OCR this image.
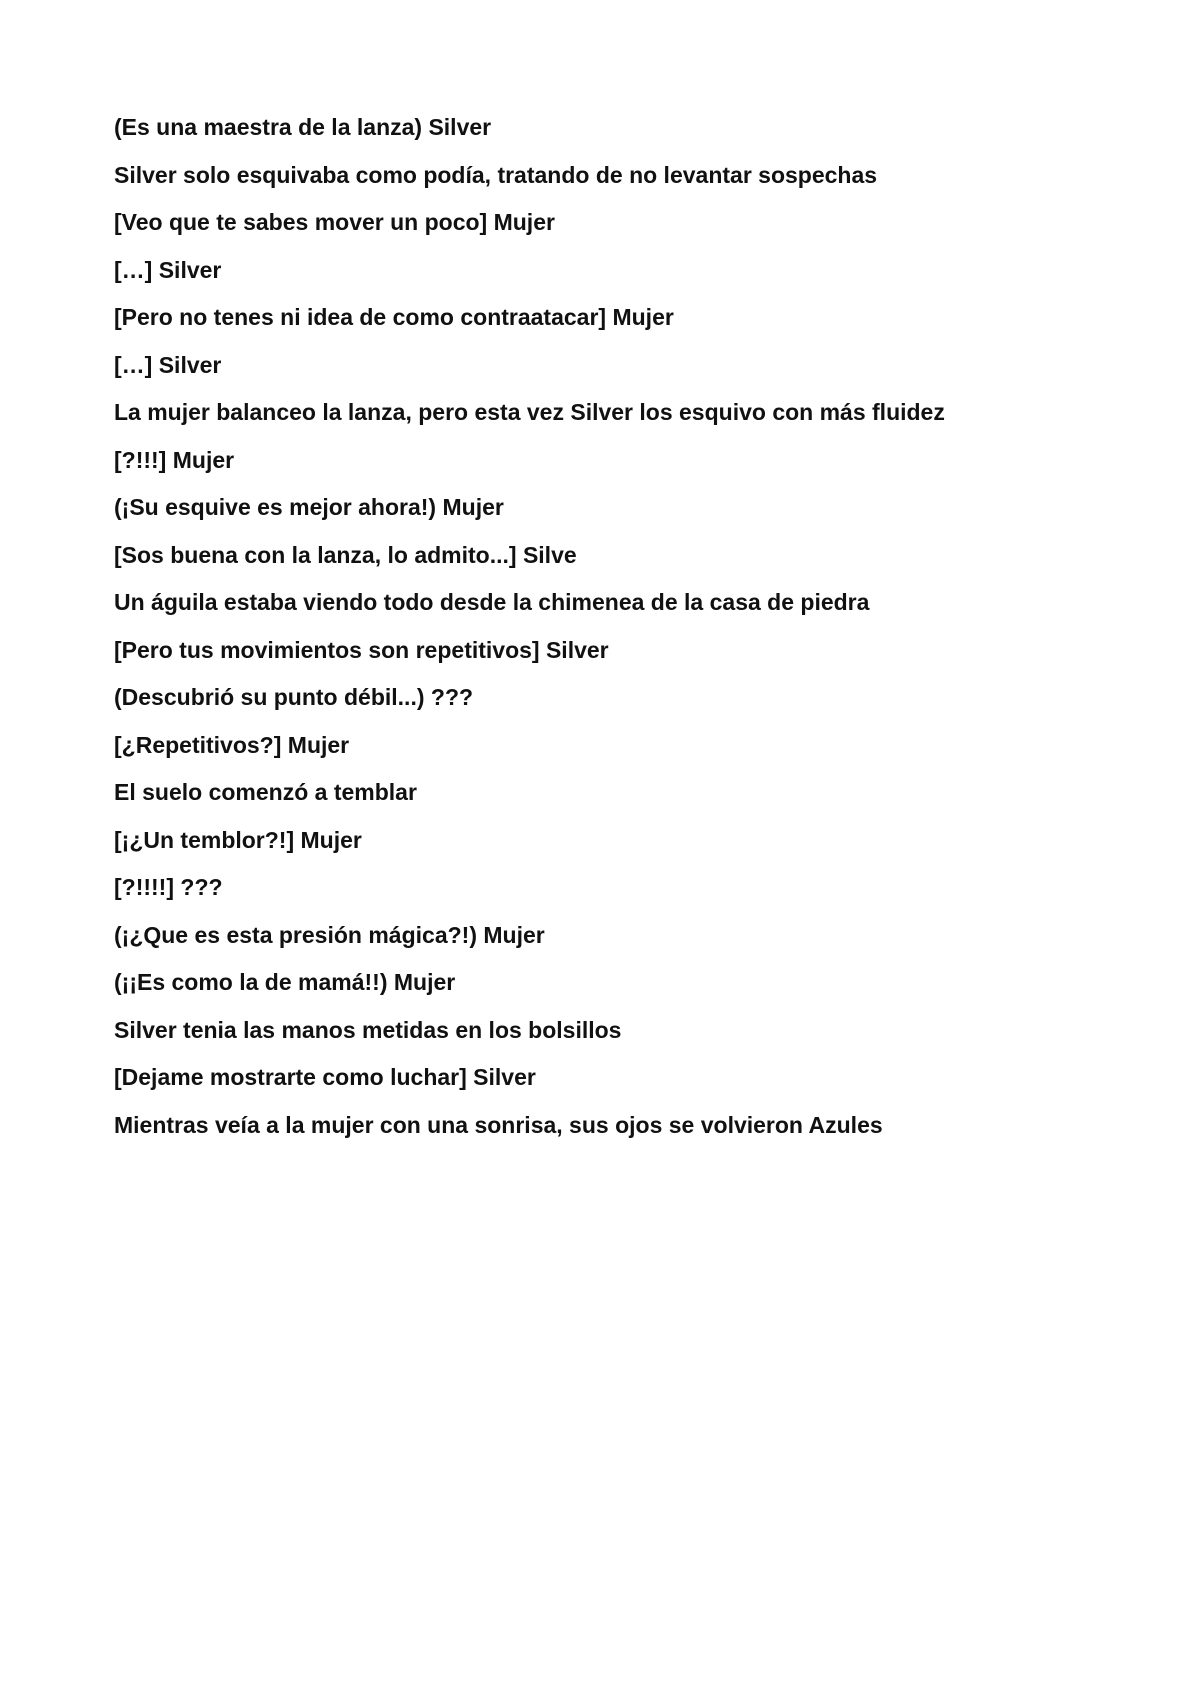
(Es una maestra de la lanza) Silver
Silver solo esquivaba como podía, tratando de no levantar sospechas
[Veo que te sabes mover un poco] Mujer
[…] Silver
[Pero no tenes ni idea de como contraatacar] Mujer
[…] Silver
La mujer balanceo la lanza, pero esta vez Silver los esquivo con más fluidez
[?!!!] Mujer
(¡Su esquive es mejor ahora!) Mujer
[Sos buena con la lanza, lo admito...] Silve
Un águila estaba viendo todo desde la chimenea de la casa de piedra
[Pero tus movimientos son repetitivos] Silver
(Descubrió su punto débil...) ???
[¿Repetitivos?] Mujer
El suelo comenzó a temblar
[¡¿Un temblor?!] Mujer
[?!!!!] ???
(¡¿Que es esta presión mágica?!) Mujer
(¡¡Es como la de mamá!!) Mujer
Silver tenia las manos metidas en los bolsillos
[Dejame mostrarte como luchar] Silver
Mientras veía a la mujer con una sonrisa, sus ojos se volvieron Azules
